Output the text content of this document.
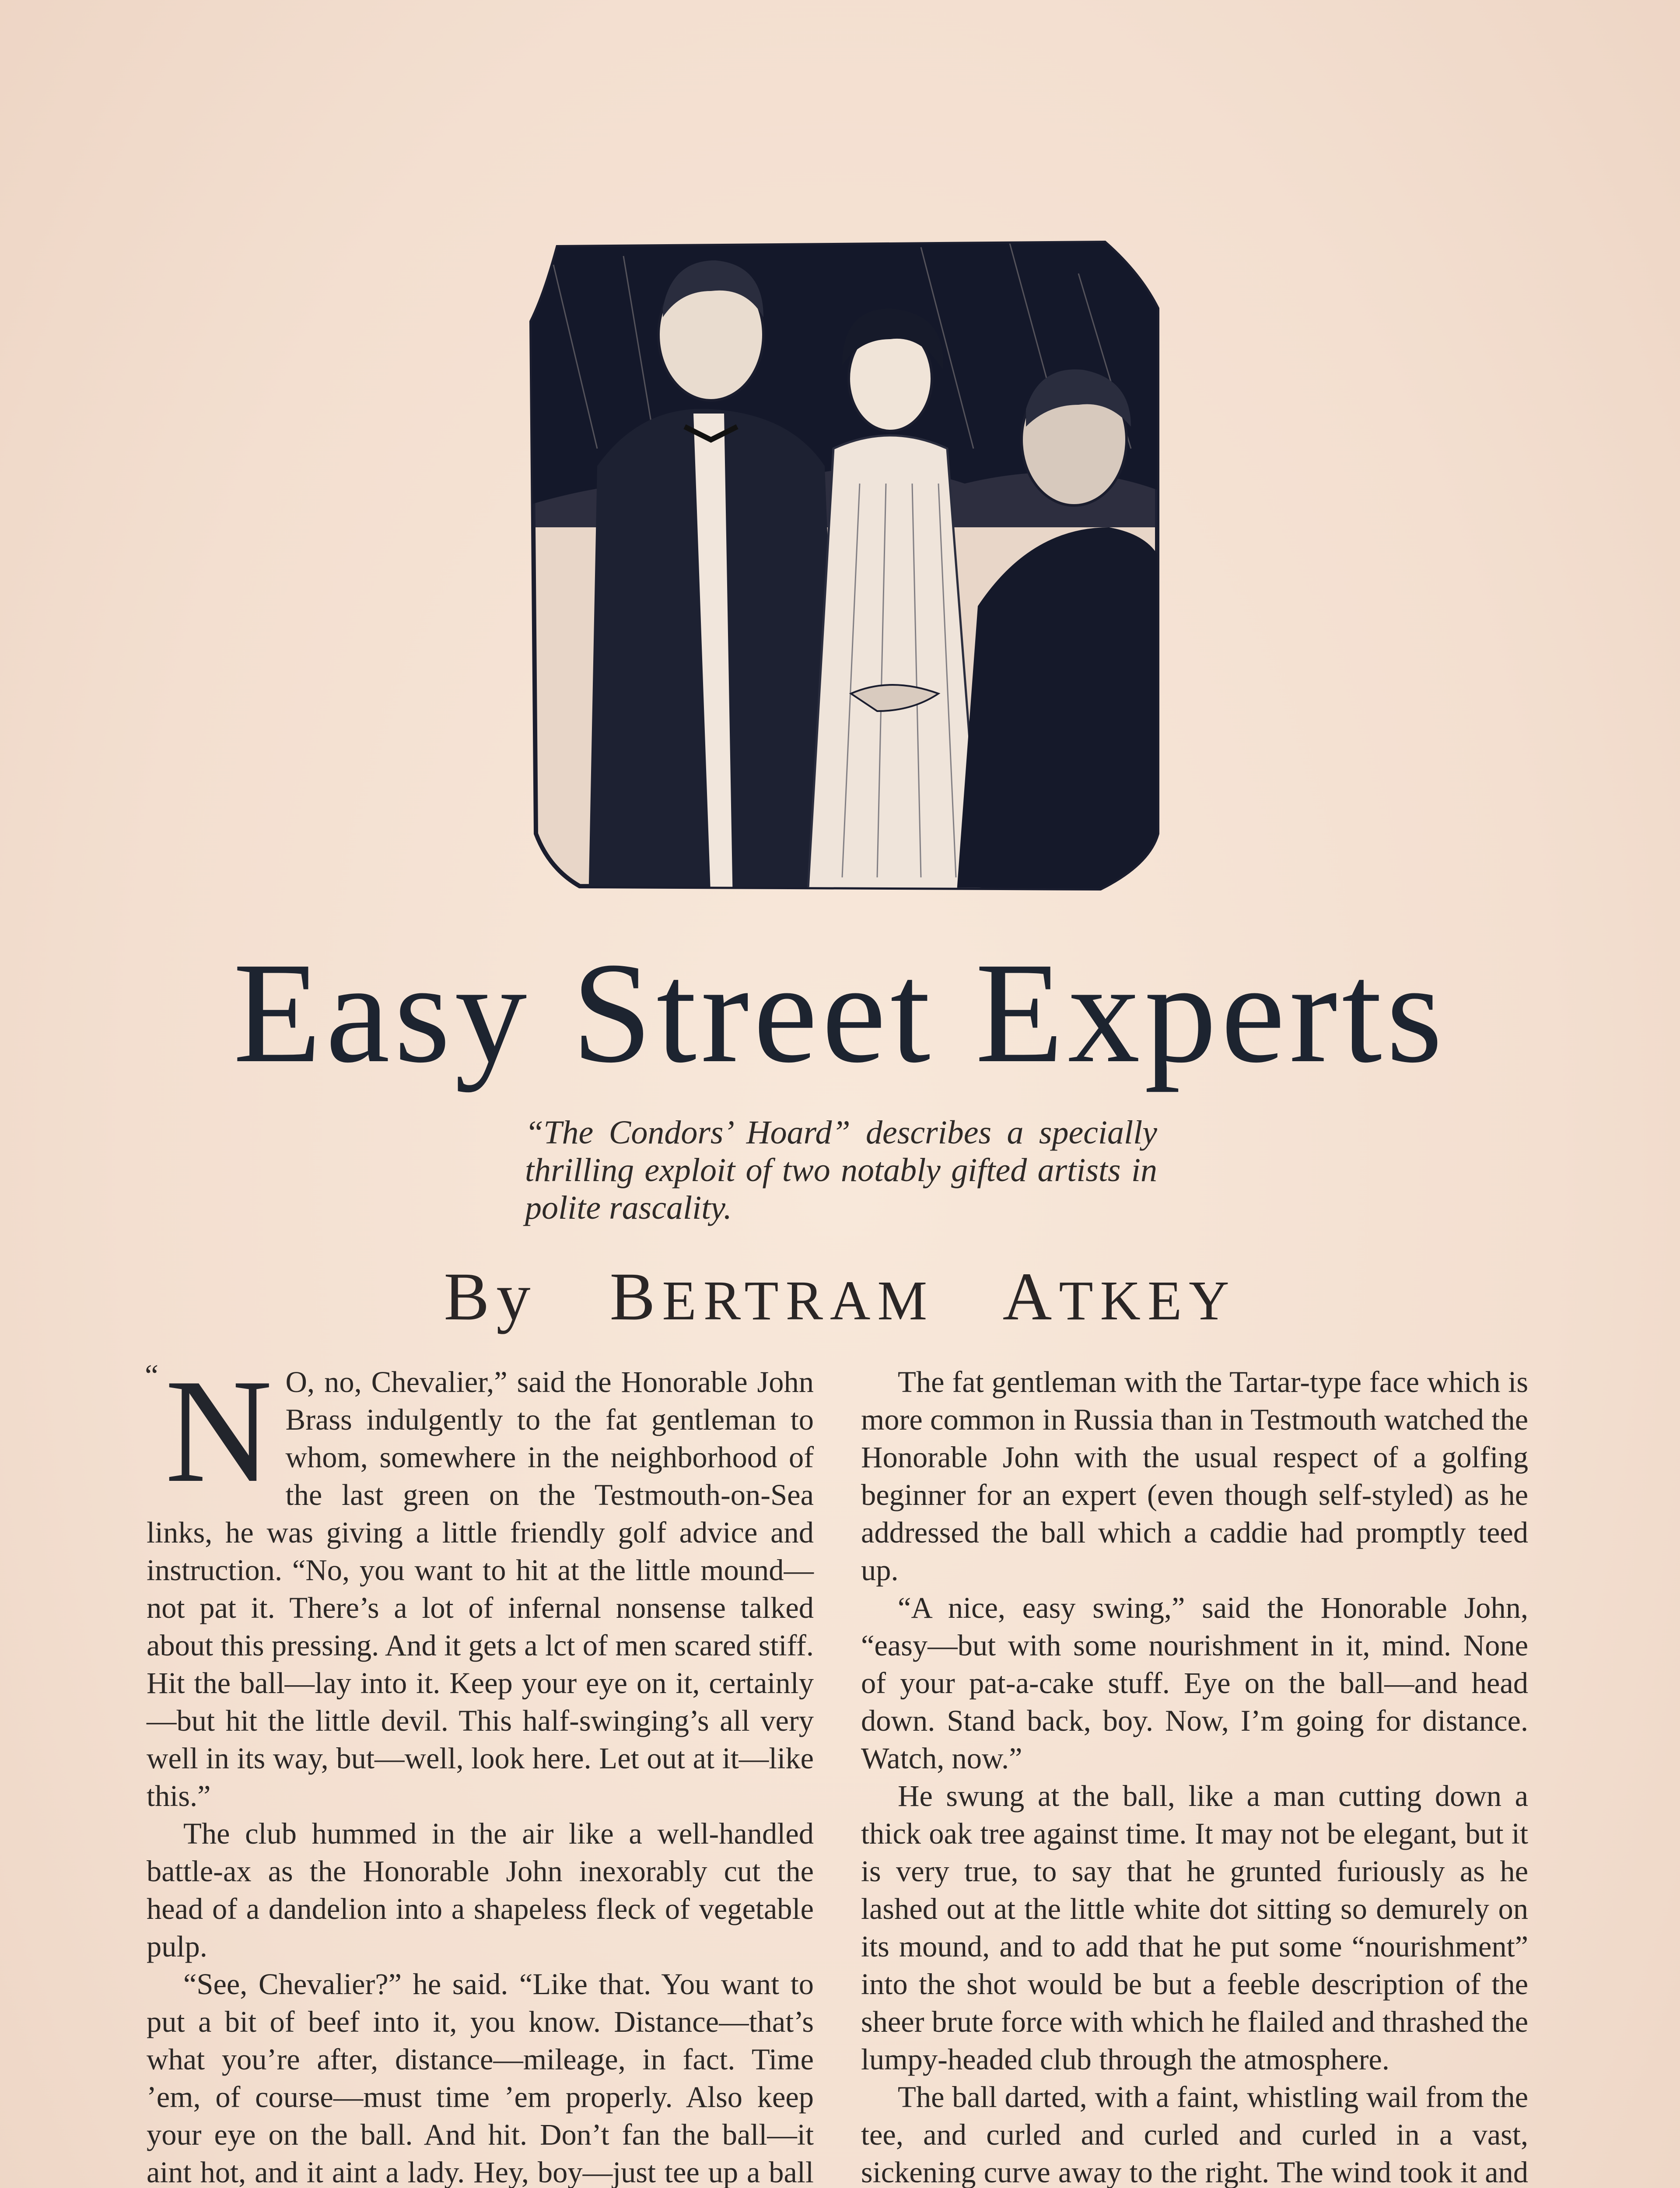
Easy Street Experts
“The Condors’ Hoard” describes a specially thrilling exploit of two notably gifted artists in polite rascality.
By BERTRAM ATKEY
“ N O, no, Chevalier,” said the Honorable John Brass indulgently to the fat gentleman to whom, somewhere in the neighborhood of the last green on the Testmouth-on-Sea links, he was giving a little friendly golf advice and instruction. “No, you want to hit at the little mound—not pat it. There’s a lot of infernal nonsense talked about this pressing. And it gets a lct of men scared stiff. Hit the ball—lay into it. Keep your eye on it, certainly—but hit the little devil. This half-swinging’s all very well in its way, but—well, look here. Let out at it—like this.”

The club hummed in the air like a well-handled battle-ax as the Honorable John inexorably cut the head of a dandelion into a shapeless fleck of vegetable pulp.

“See, Chevalier?” he said. “Like that. You want to put a bit of beef into it, you know. Distance—that’s what you’re after, distance—mileage, in fact. Time ’em, of course—must time ’em properly. Also keep your eye on the ball. And hit. Don’t fan the ball—it aint hot, and it aint a lady. Hey, boy—just tee up a ball

The fat gentleman with the Tartar-type face which is more common in Russia than in Testmouth watched the Honorable John with the usual respect of a golfing beginner for an expert (even though self-styled) as he addressed the ball which a caddie had promptly teed up.

“A nice, easy swing,” said the Honorable John, “easy—but with some nourishment in it, mind. None of your pat-a-cake stuff. Eye on the ball—and head down. Stand back, boy. Now, I’m going for distance. Watch, now.”

He swung at the ball, like a man cutting down a thick oak tree against time. It may not be elegant, but it is very true, to say that he grunted furiously as he lashed out at the little white dot sitting so demurely on its mound, and to add that he put some “nourishment” into the shot would be but a feeble description of the sheer brute force with which he flailed and thrashed the lumpy-headed club through the atmosphere.

The ball darted, with a faint, whistling wail from the tee, and curled and curled and curled in a vast, sickening curve away to the right. The wind took it and
